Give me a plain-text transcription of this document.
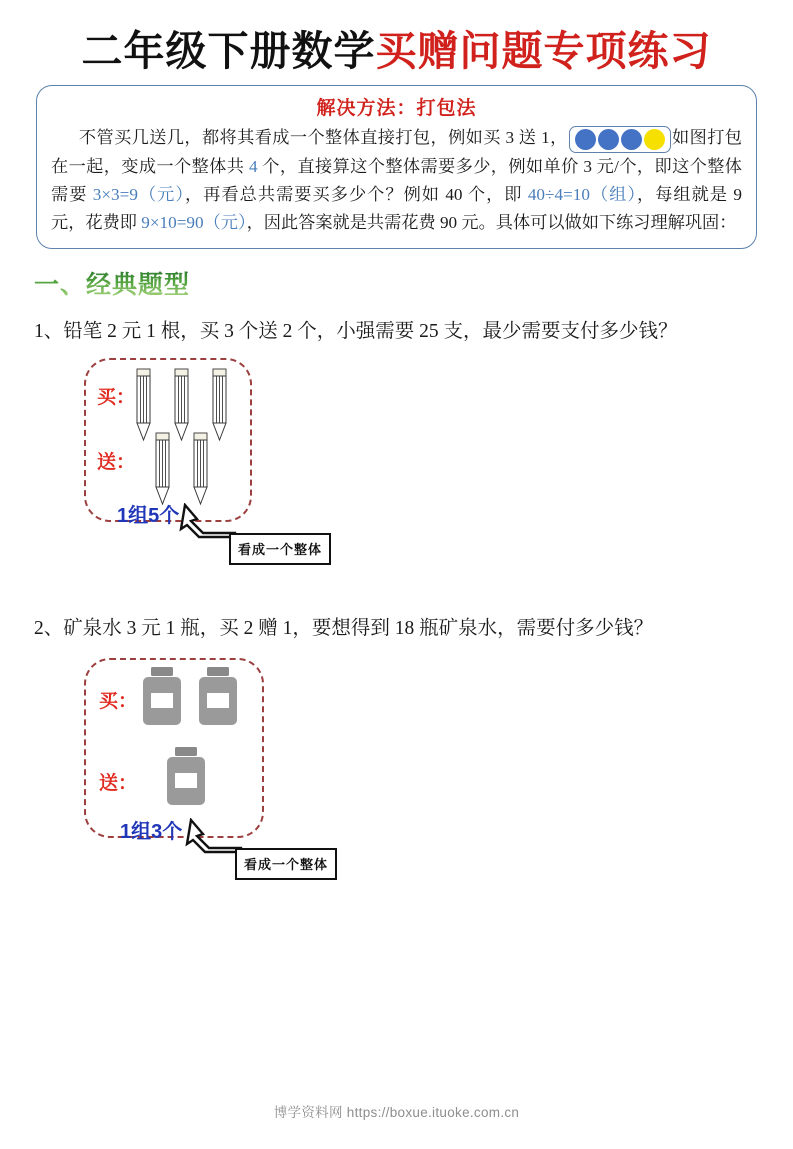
二年级下册数学买赠问题专项练习
解决方法：打包法
不管买几送几，都将其看成一个整体直接打包，例如买 3 送 1，	如图打包在一起，变成一个整体共 4 个，直接算这个整体需要多少，例如单价 3 元/个，即这个整体需要 3×3=9（元），再看总共需要买多少个？例如 40 个，即 40÷4=10（组），每组就是 9 元，花费即 9×10=90（元），因此答案就是共需花费 90 元。具体可以做如下练习理解巩固：
一、经典题型
1、铅笔 2 元 1 根，买 3 个送 2 个，小强需要 25 支，最少需要支付多少钱？
买：
送：
1组5个
看成一个整体
2、矿泉水 3 元 1 瓶，买 2 赠 1，要想得到 18 瓶矿泉水，需要付多少钱？
买：
送：
1组3个
看成一个整体
博学资料网 https://boxue.ituoke.com.cn
